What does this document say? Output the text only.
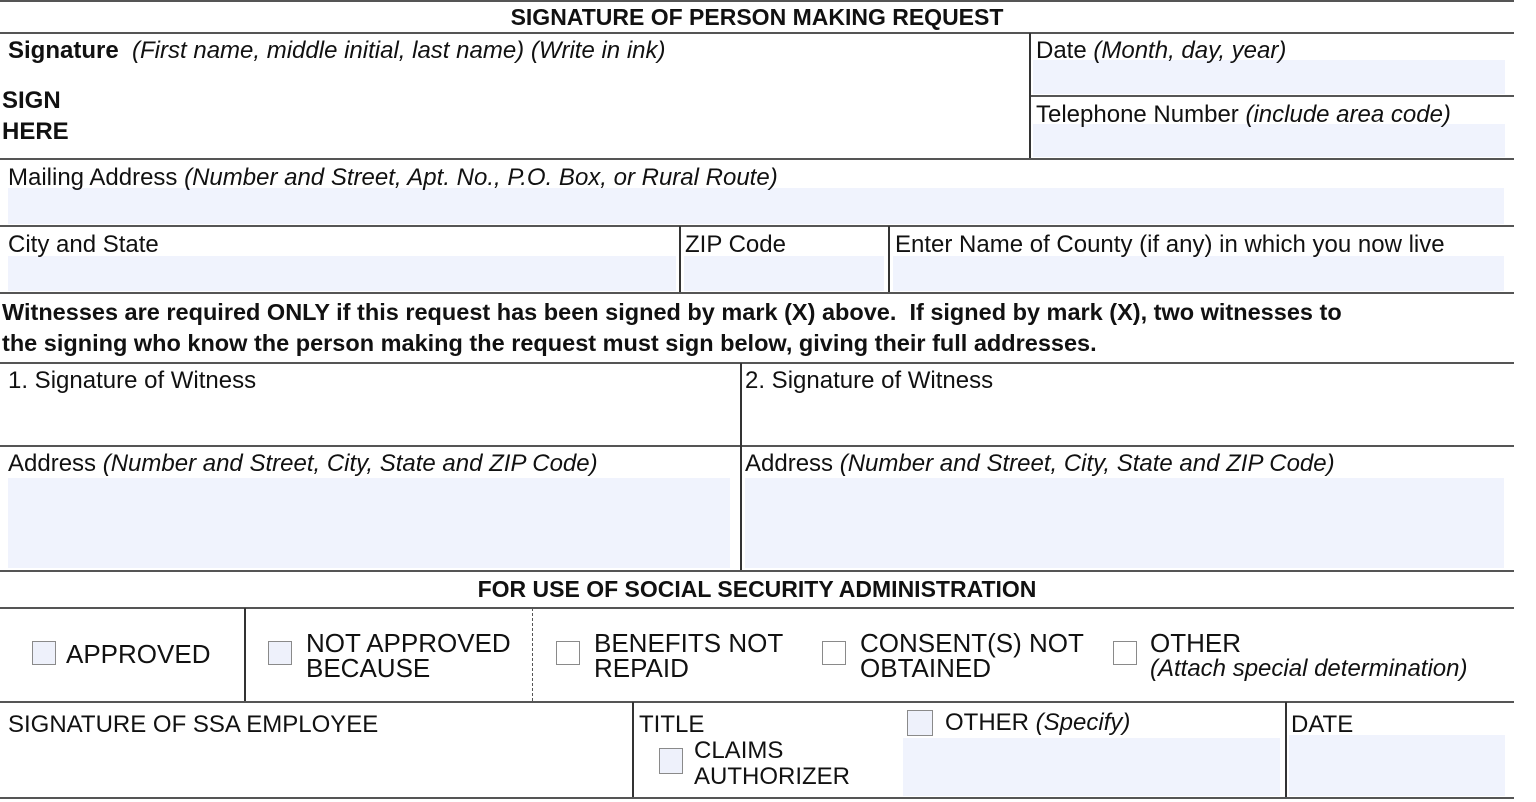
SIGNATURE OF PERSON MAKING REQUEST
Signature (First name, middle initial, last name) (Write in ink)
SIGN
HERE
Date (Month, day, year)
Telephone Number (include area code)
Mailing Address (Number and Street, Apt. No., P.O. Box, or Rural Route)
City and State	ZIP Code	Enter Name of County (if any) in which you now live
Witnesses are required ONLY if this request has been signed by mark (X) above.  If signed by mark (X), two witnesses to
the signing who know the person making the request must sign below, giving their full addresses.
1. Signature of Witness
Address (Number and Street, City, State and ZIP Code)
2. Signature of Witness
Address (Number and Street, City, State and ZIP Code)
FOR USE OF SOCIAL SECURITY ADMINISTRATION
APPROVED	NOT APPROVED
BECAUSE
BENEFITS NOT
REPAID
CONSENT(S) NOT
OBTAINED
OTHER
(Attach special determination)
SIGNATURE OF SSA EMPLOYEE	TITLE
CLAIMS
AUTHORIZER
OTHER (Specify)	DATE
